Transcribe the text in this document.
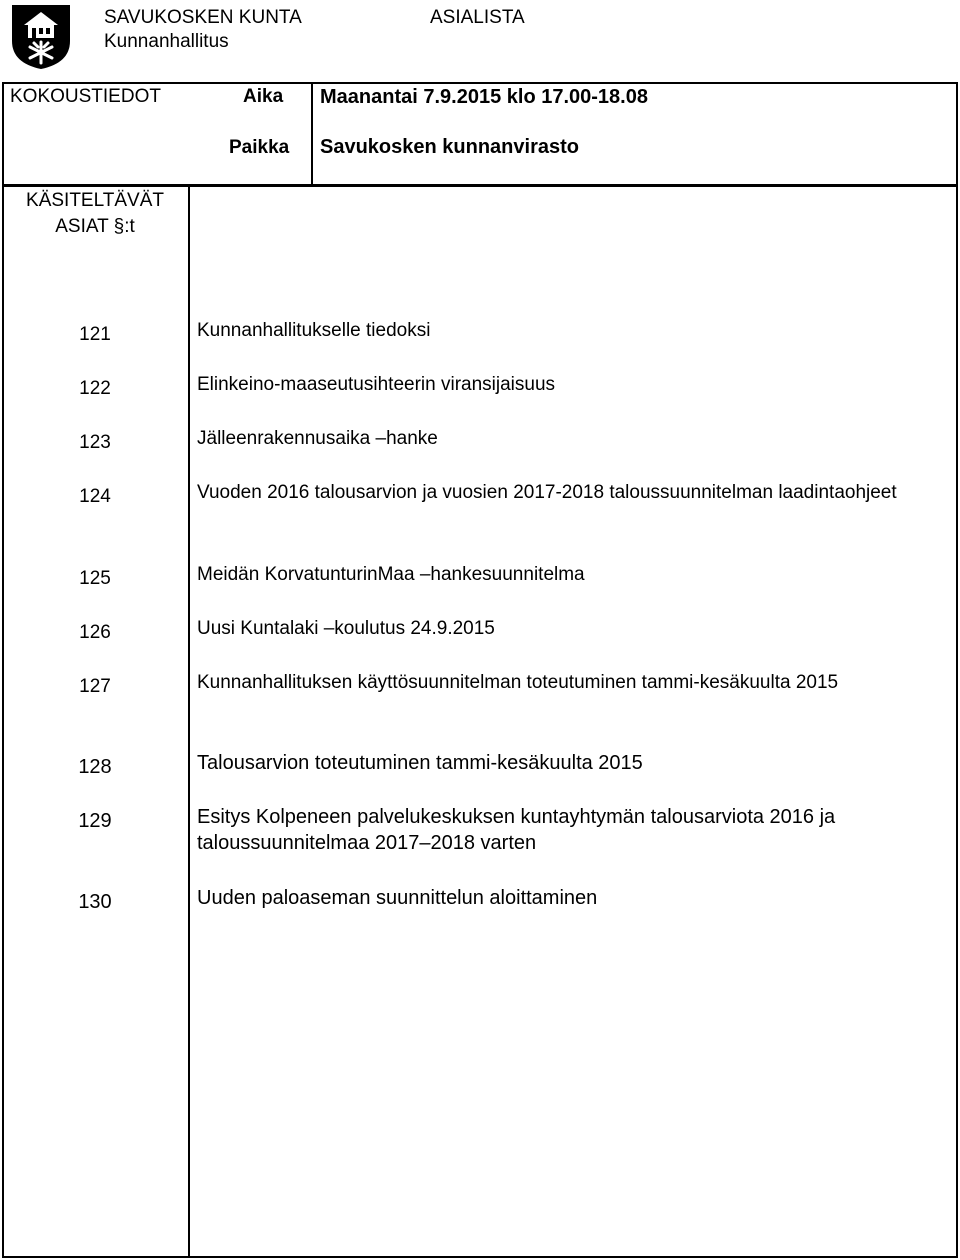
SAVUKOSKEN KUNTA
Kunnanhallitus
ASIALISTA
KOKOUSTIEDOT	Aika Maanantai 7.9.2015 klo 17.00-18.08
Paikka Savukosken kunnanvirasto
KÄSITELTÄVÄT
ASIAT §:t
121	Kunnanhallitukselle tiedoksi
122	Elinkeino-maaseutusihteerin viransijaisuus
123	Jälleenrakennusaika –hanke
124	Vuoden 2016 talousarvion ja vuosien 2017-2018 taloussuunnitelman laadintaohjeet
125	Meidän KorvatunturinMaa –hankesuunnitelma
126	Uusi Kuntalaki –koulutus 24.9.2015
127	Kunnanhallituksen käyttösuunnitelman toteutuminen tammi-kesäkuulta 2015
128	Talousarvion toteutuminen tammi-kesäkuulta 2015
129	Esitys Kolpeneen palvelukeskuksen kuntayhtymän talousarviota 2016 ja taloussuunnitelmaa 2017–2018 varten
130	Uuden paloaseman suunnittelun aloittaminen
